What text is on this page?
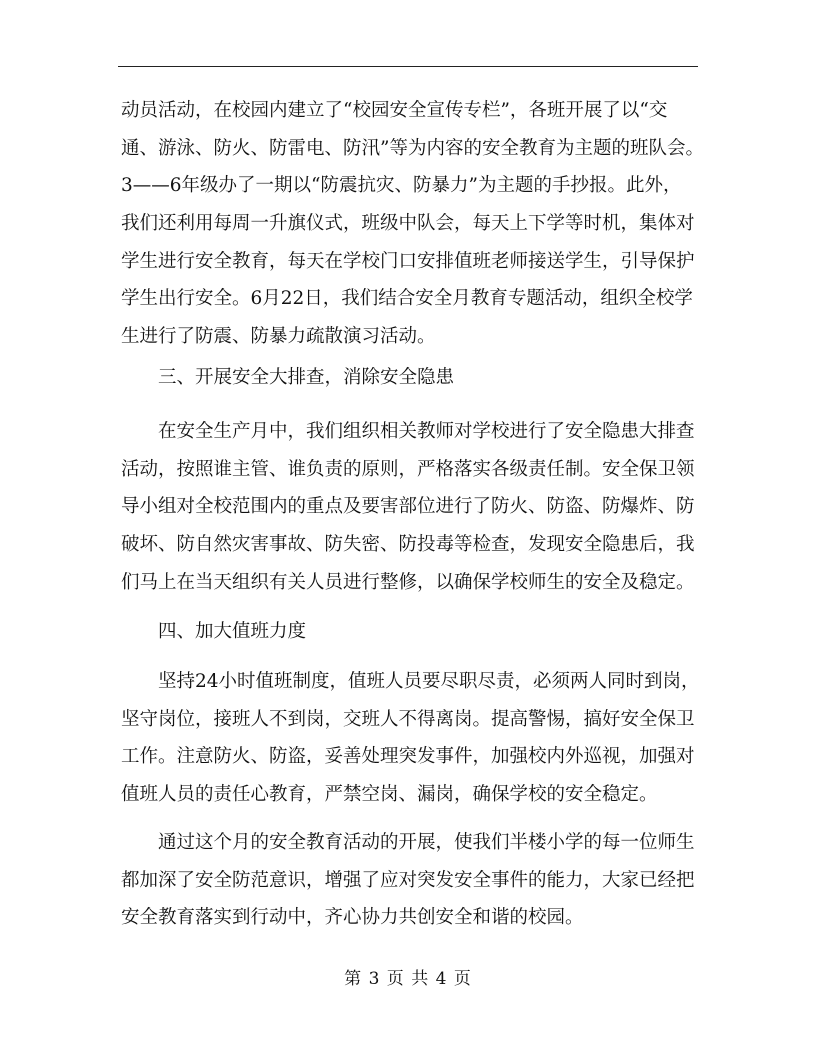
动员活动，在校园内建立了“校园安全宣传专栏”，各班开展了以“交
通、游泳、防火、防雷电、防汛”等为内容的安全教育为主题的班队会。
3——6年级办了一期以“防震抗灾、防暴力”为主题的手抄报。此外，
我们还利用每周一升旗仪式，班级中队会，每天上下学等时机，集体对
学生进行安全教育，每天在学校门口安排值班老师接送学生，引导保护
学生出行安全。6月22日，我们结合安全月教育专题活动，组织全校学
生进行了防震、防暴力疏散演习活动。
三、开展安全大排查，消除安全隐患
在安全生产月中，我们组织相关教师对学校进行了安全隐患大排查
活动，按照谁主管、谁负责的原则，严格落实各级责任制。安全保卫领
导小组对全校范围内的重点及要害部位进行了防火、防盗、防爆炸、防
破坏、防自然灾害事故、防失密、防投毒等检查，发现安全隐患后，我
们马上在当天组织有关人员进行整修，以确保学校师生的安全及稳定。
四、加大值班力度
坚持24小时值班制度，值班人员要尽职尽责，必须两人同时到岗，
坚守岗位，接班人不到岗，交班人不得离岗。提高警惕，搞好安全保卫
工作。注意防火、防盗，妥善处理突发事件，加强校内外巡视，加强对
值班人员的责任心教育，严禁空岗、漏岗，确保学校的安全稳定。
通过这个月的安全教育活动的开展，使我们半楼小学的每一位师生
都加深了安全防范意识，增强了应对突发安全事件的能力，大家已经把
安全教育落实到行动中，齐心协力共创安全和谐的校园。
第 3 页 共 4 页
